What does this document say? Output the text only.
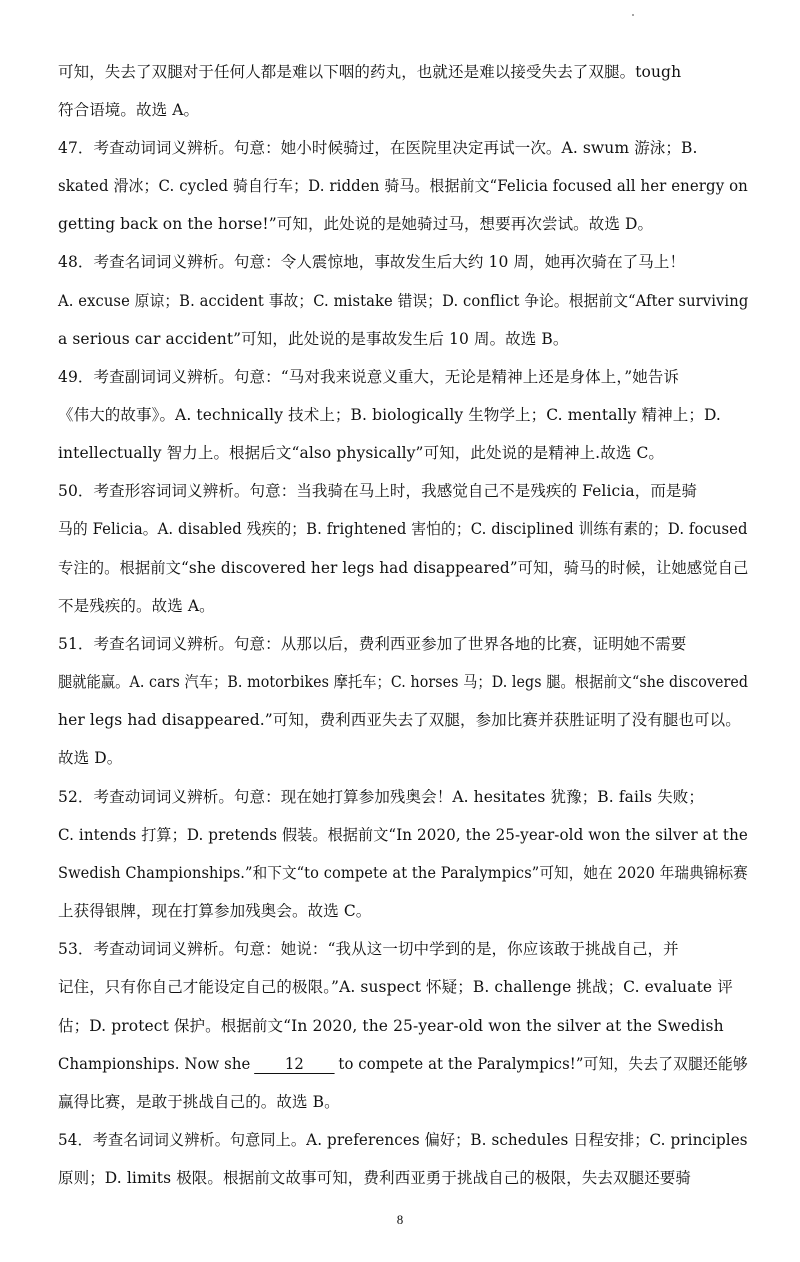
可知，失去了双腿对于任何人都是难以下咽的药丸，也就还是难以接受失去了双腿。tough
符合语境。故选 A。
47．考查动词词义辨析。句意：她小时候骑过，在医院里决定再试一次。A. swum 游泳；B.
skated 滑冰；C. cycled 骑自行车；D. ridden 骑马。根据前文“Felicia focused all her energy on
getting back on the horse!”可知，此处说的是她骑过马，想要再次尝试。故选 D。
48．考查名词词义辨析。句意：令人震惊地，事故发生后大约 10 周，她再次骑在了马上！
A. excuse 原谅；B. accident 事故；C. mistake 错误；D. conflict 争论。根据前文“After surviving
a serious car accident”可知，此处说的是事故发生后 10 周。故选 B。
49．考查副词词义辨析。句意：“马对我来说意义重大，无论是精神上还是身体上，”她告诉
《伟大的故事》。A. technically 技术上；B. biologically 生物学上；C. mentally 精神上；D.
intellectually 智力上。根据后文“also physically”可知，此处说的是精神上.故选 C。
50．考查形容词词义辨析。句意：当我骑在马上时，我感觉自己不是残疾的 Felicia，而是骑
马的 Felicia。A. disabled 残疾的；B. frightened 害怕的；C. disciplined 训练有素的；D. focused
专注的。根据前文“she discovered her legs had disappeared”可知，骑马的时候，让她感觉自己
不是残疾的。故选 A。
51．考查名词词义辨析。句意：从那以后，费利西亚参加了世界各地的比赛，证明她不需要
腿就能赢。A. cars 汽车；B. motorbikes 摩托车；C. horses 马；D. legs 腿。根据前文“she discovered
her legs had disappeared.”可知，费利西亚失去了双腿，参加比赛并获胜证明了没有腿也可以。
故选 D。
52．考查动词词义辨析。句意：现在她打算参加残奥会！A. hesitates 犹豫；B. fails 失败；
C. intends 打算；D. pretends 假装。根据前文“In 2020, the 25-year-old won the silver at the
Swedish Championships.”和下文“to compete at the Paralympics”可知，她在 2020 年瑞典锦标赛
上获得银牌，现在打算参加残奥会。故选 C。
53．考查动词词义辨析。句意：她说：“我从这一切中学到的是，你应该敢于挑战自己，并
记住，只有你自己才能设定自己的极限。”A. suspect 怀疑；B. challenge 挑战；C. evaluate 评
估；D. protect 保护。根据前文“In 2020, the 25-year-old won the silver at the Swedish
Championships. Now she 12 to compete at the Paralympics!”可知，失去了双腿还能够
赢得比赛，是敢于挑战自己的。故选 B。
54．考查名词词义辨析。句意同上。A. preferences 偏好；B. schedules 日程安排；C. principles
原则；D. limits 极限。根据前文故事可知，费利西亚勇于挑战自己的极限，失去双腿还要骑
8
